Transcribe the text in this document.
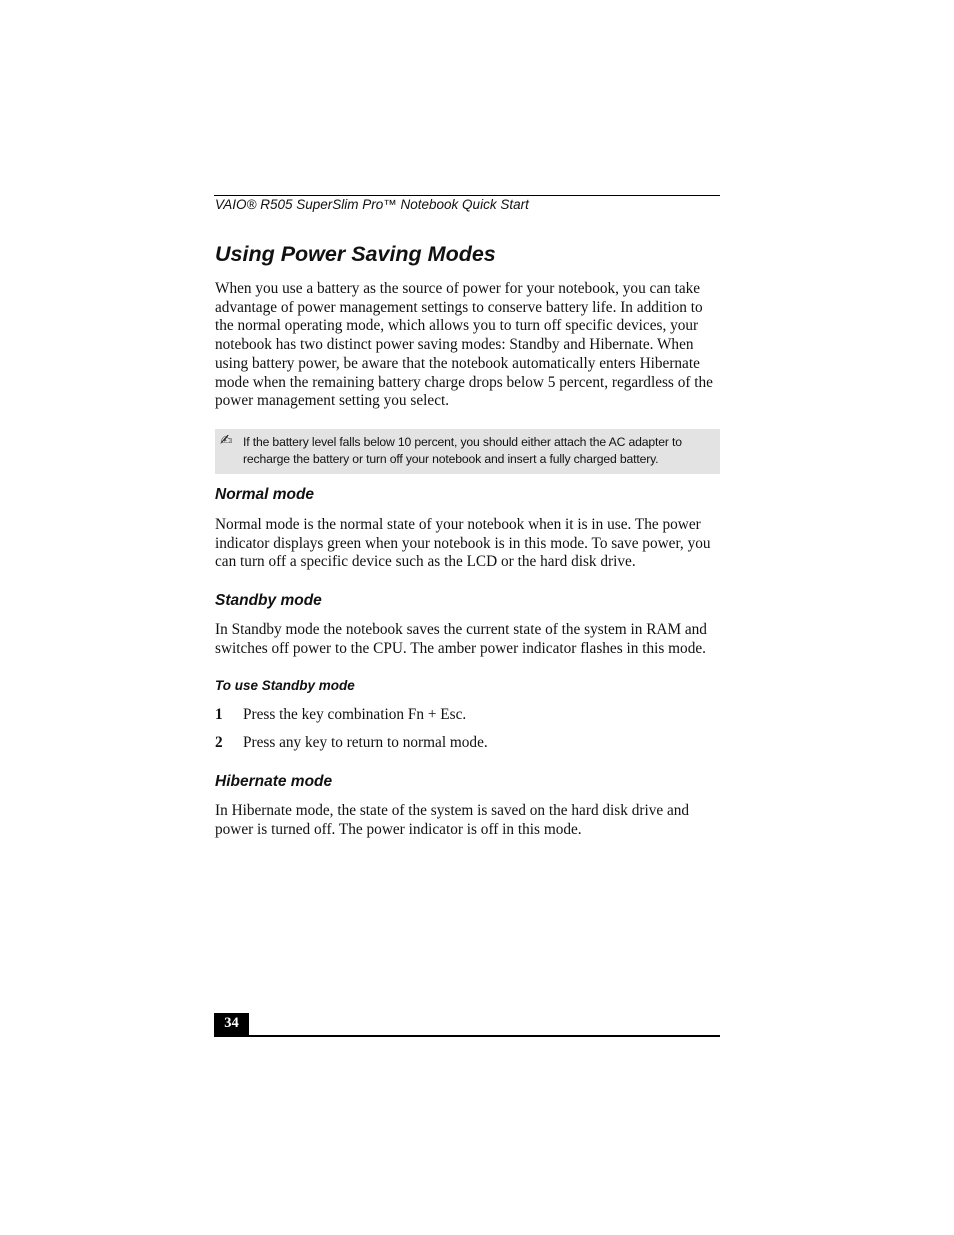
VAIO® R505 SuperSlim Pro™ Notebook Quick Start
Using Power Saving Modes

When you use a battery as the source of power for your notebook, you can take advantage of power management settings to conserve battery life. In addition to the normal operating mode, which allows you to turn off specific devices, your notebook has two distinct power saving modes: Standby and Hibernate. When using battery power, be aware that the notebook automatically enters Hibernate mode when the remaining battery charge drops below 5 percent, regardless of the power management setting you select.

✍ If the battery level falls below 10 percent, you should either attach the AC adapter to recharge the battery or turn off your notebook and insert a fully charged battery.
Normal mode

Normal mode is the normal state of your notebook when it is in use. The power indicator displays green when your notebook is in this mode. To save power, you can turn off a specific device such as the LCD or the hard disk drive.

Standby mode

In Standby mode the notebook saves the current state of the system in RAM and switches off power to the CPU. The amber power indicator flashes in this mode.

To use Standby mode
1 Press the key combination Fn + Esc.
2 Press any key to return to normal mode.
Hibernate mode

In Hibernate mode, the state of the system is saved on the hard disk drive and power is turned off. The power indicator is off in this mode.

34
